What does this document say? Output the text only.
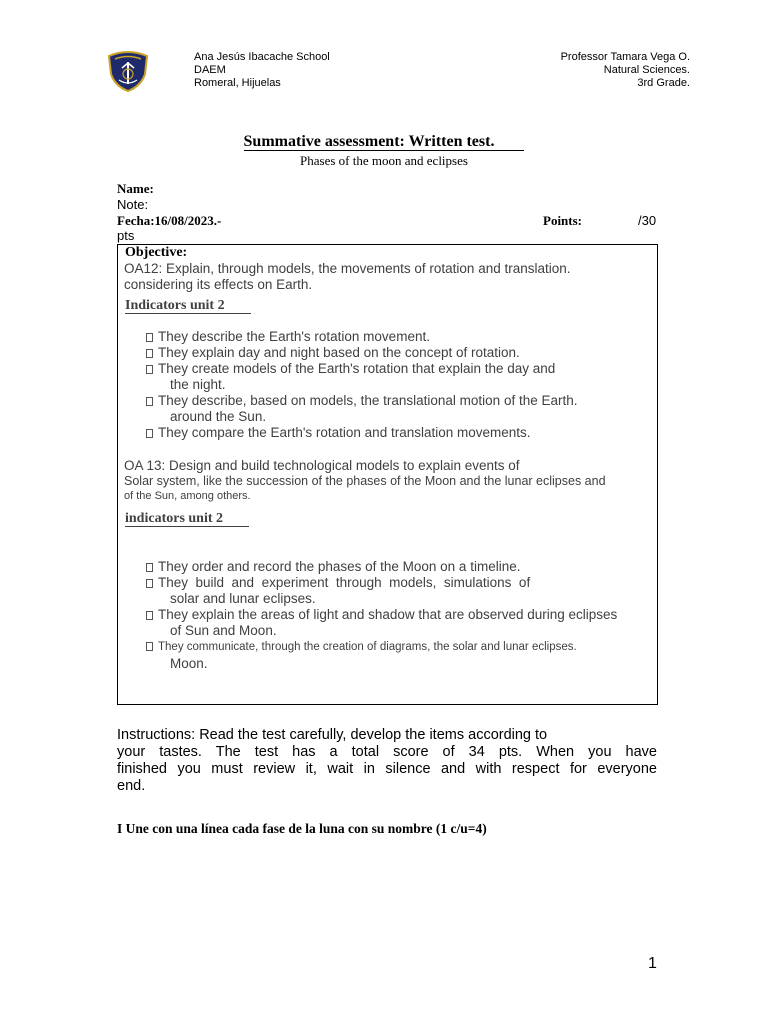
Ana Jesús Ibacache School
DAEM
Romeral, Hijuelas
Professor Tamara Vega O.
Natural Sciences.
3rd Grade.
Summative assessment: Written test.
Phases of the moon and eclipses
Name:
Note:
Fecha:16/08/2023.-	Points:	/30
pts
Objective:
OA12: Explain, through models, the movements of rotation and translation.
considering its effects on Earth.
Indicators unit 2
They describe the Earth's rotation movement.
They explain day and night based on the concept of rotation.
They create models of the Earth's rotation that explain the day and
the night.
They describe, based on models, the translational motion of the Earth.
around the Sun.
They compare the Earth's rotation and translation movements.
OA 13: Design and build technological models to explain events of
Solar system, like the succession of the phases of the Moon and the lunar eclipses and
of the Sun, among others.
indicators unit 2
They order and record the phases of the Moon on a timeline.
They  build  and  experiment  through  models,  simulations  of
solar and lunar eclipses.
They explain the areas of light and shadow that are observed during eclipses
of Sun and Moon.
They communicate, through the creation of diagrams, the solar and lunar eclipses.
Moon.
Instructions: Read the test carefully, develop the items according to
your tastes. The test has a total score of 34 pts. When you have
finished you must review it, wait in silence and with respect for everyone
end.
I Une con una línea cada fase de la luna con su nombre (1 c/u=4)
1
